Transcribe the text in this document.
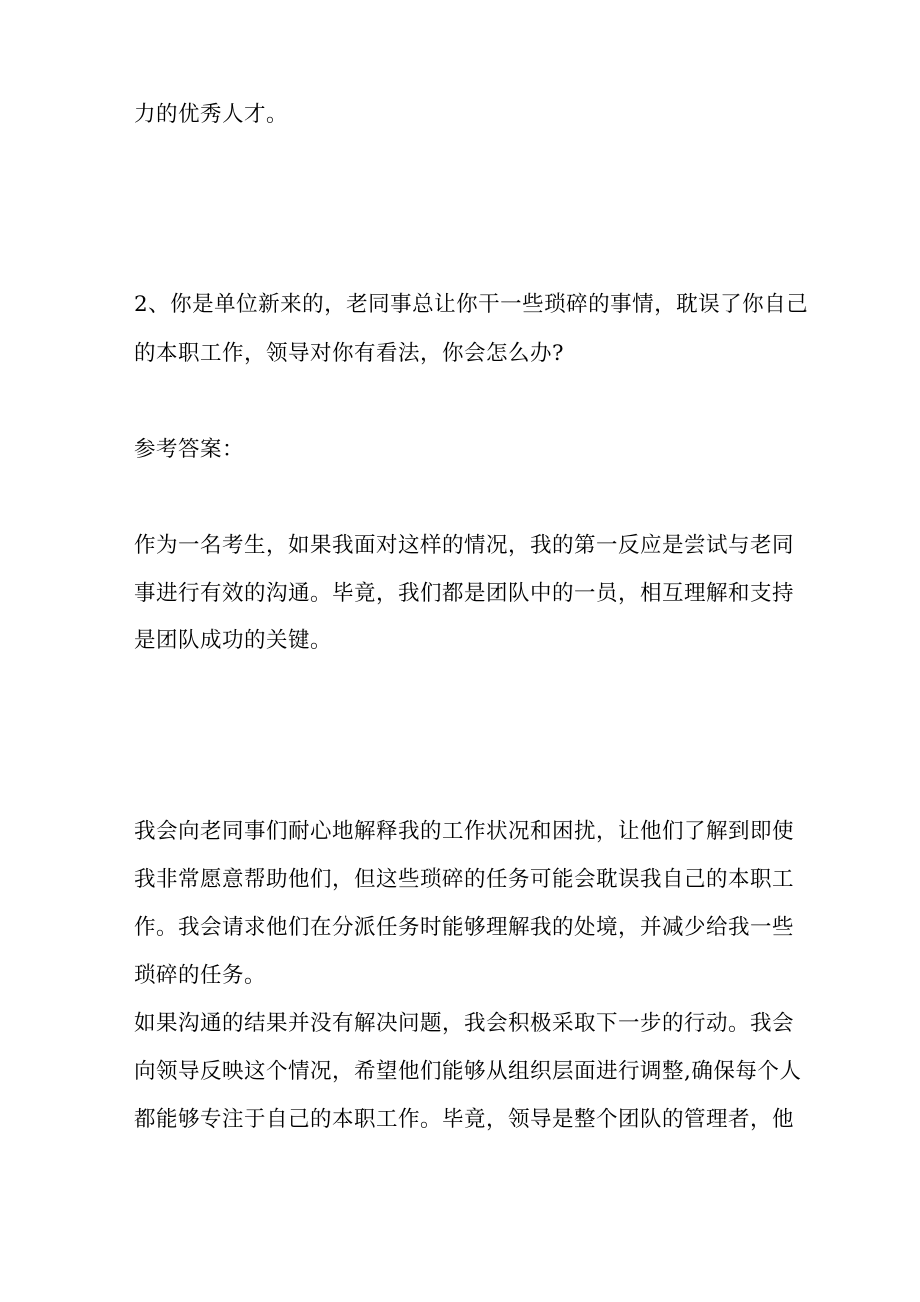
力的优秀人才。
2、你是单位新来的，老同事总让你干一些琐碎的事情，耽误了你自己
的本职工作，领导对你有看法，你会怎么办?
参考答案：
作为一名考生，如果我面对这样的情况，我的第一反应是尝试与老同
事进行有效的沟通。毕竟，我们都是团队中的一员，相互理解和支持
是团队成功的关键。
我会向老同事们耐心地解释我的工作状况和困扰，让他们了解到即使
我非常愿意帮助他们，但这些琐碎的任务可能会耽误我自己的本职工
作。我会请求他们在分派任务时能够理解我的处境，并减少给我一些
琐碎的任务。
如果沟通的结果并没有解决问题，我会积极采取下一步的行动。我会
向领导反映这个情况，希望他们能够从组织层面进行调整,确保每个人
都能够专注于自己的本职工作。毕竟，领导是整个团队的管理者，他
